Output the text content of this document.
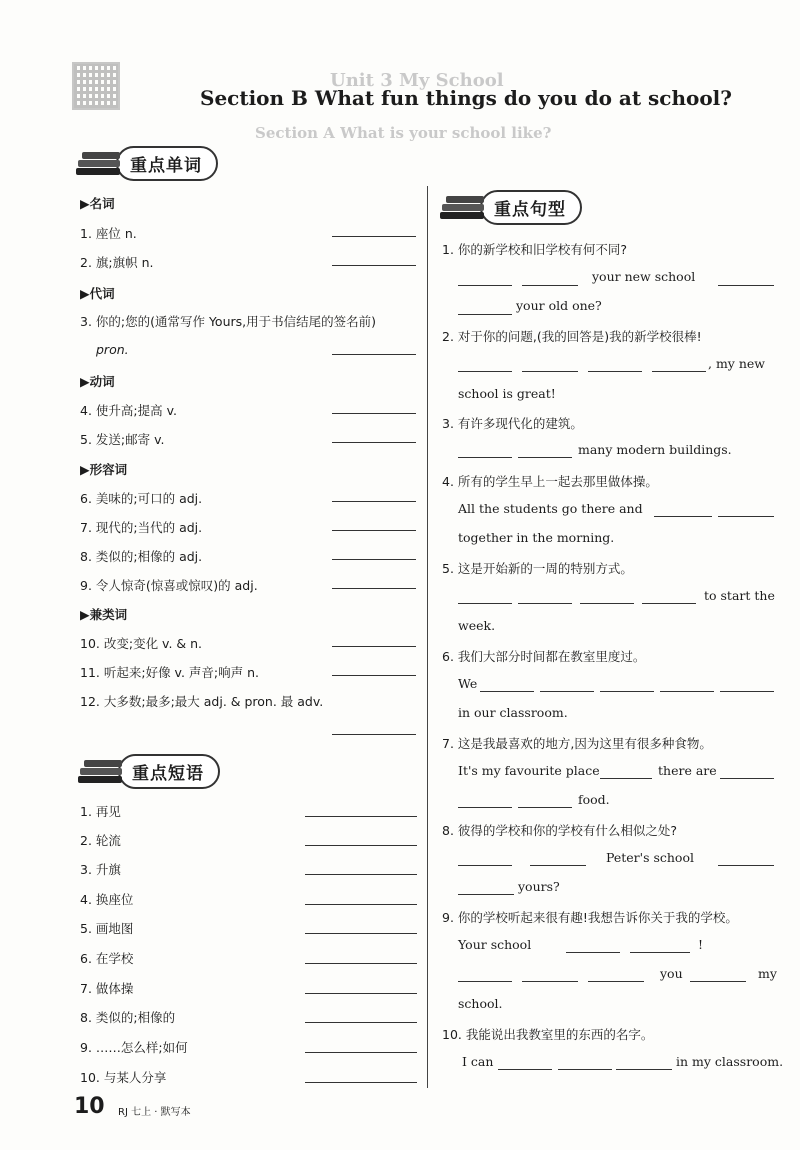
Unit 3 My School
Section A What is your school like?
Section B What fun things do you do at school?
重点单词
▶名词
1. 座位 n.
2. 旗;旗帜 n.
▶代词
3. 你的;您的(通常写作 Yours,用于书信结尾的签名前)
pron.
▶动词
4. 使升高;提高 v.
5. 发送;邮寄 v.
▶形容词
6. 美味的;可口的 adj.
7. 现代的;当代的 adj.
8. 类似的;相像的 adj.
9. 令人惊奇(惊喜或惊叹)的 adj.
▶兼类词
10. 改变;变化 v. & n.
11. 听起来;好像 v. 声音;响声 n.
12. 大多数;最多;最大 adj. & pron. 最 adv.
重点短语
1. 再见
2. 轮流
3. 升旗
4. 换座位
5. 画地图
6. 在学校
7. 做体操
8. 类似的;相像的
9. ……怎么样;如何
10. 与某人分享
重点句型
1. 你的新学校和旧学校有何不同?
your new school
your old one?
2. 对于你的问题,(我的回答是)我的新学校很棒!
, my new
school is great!
3. 有许多现代化的建筑。
many modern buildings.
4. 所有的学生早上一起去那里做体操。
All the students go there and
together in the morning.
5. 这是开始新的一周的特别方式。
to start the
week.
6. 我们大部分时间都在教室里度过。
We
in our classroom.
7. 这是我最喜欢的地方,因为这里有很多种食物。
It's my favourite place	there are
food.
8. 彼得的学校和你的学校有什么相似之处?
Peter's school
yours?
9. 你的学校听起来很有趣!我想告诉你关于我的学校。
Your school	!
you	my
school.
10. 我能说出我教室里的东西的名字。
I can	in my classroom.
10 RJ 七上 · 默写本
